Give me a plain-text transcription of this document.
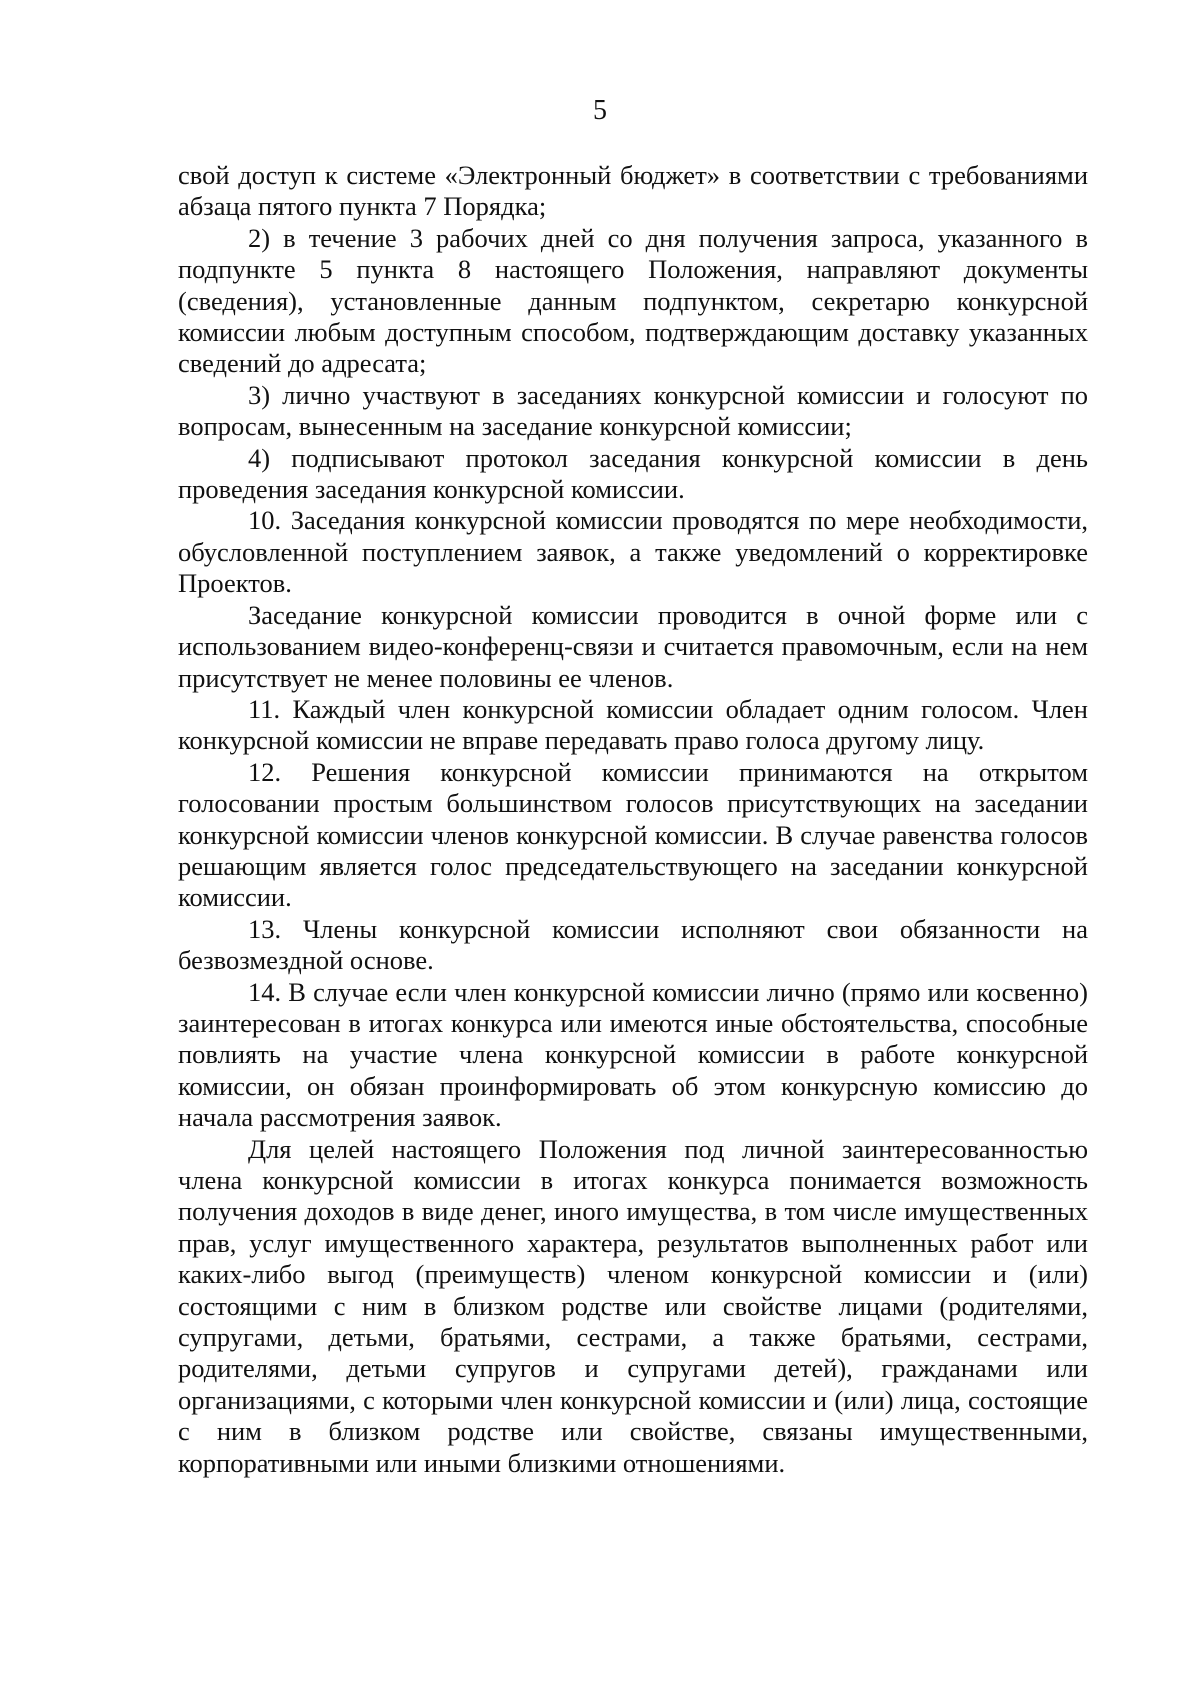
5

свой доступ к системе «Электронный бюджет» в соответствии с требованиями абзаца пятого пункта 7 Порядка;

2) в течение 3 рабочих дней со дня получения запроса, указанного в подпункте 5 пункта 8 настоящего Положения, направляют документы (сведения), установленные данным подпунктом, секретарю конкурсной комиссии любым доступным способом, подтверждающим доставку указанных сведений до адресата;

3) лично участвуют в заседаниях конкурсной комиссии и голосуют по вопросам, вынесенным на заседание конкурсной комиссии;

4) подписывают протокол заседания конкурсной комиссии в день проведения заседания конкурсной комиссии.

10. Заседания конкурсной комиссии проводятся по мере необходимости, обусловленной поступлением заявок, а также уведомлений о корректировке Проектов.

Заседание конкурсной комиссии проводится в очной форме или с использованием видео-конференц-связи и считается правомочным, если на нем присутствует не менее половины ее членов.

11. Каждый член конкурсной комиссии обладает одним голосом. Член конкурсной комиссии не вправе передавать право голоса другому лицу.

12. Решения конкурсной комиссии принимаются на открытом голосовании простым большинством голосов присутствующих на заседании конкурсной комиссии членов конкурсной комиссии. В случае равенства голосов решающим является голос председательствующего на заседании конкурсной комиссии.

13. Члены конкурсной комиссии исполняют свои обязанности на безвозмездной основе.

14. В случае если член конкурсной комиссии лично (прямо или косвенно) заинтересован в итогах конкурса или имеются иные обстоятельства, способные повлиять на участие члена конкурсной комиссии в работе конкурсной комиссии, он обязан проинформировать об этом конкурсную комиссию до начала рассмотрения заявок.

Для целей настоящего Положения под личной заинтересованностью члена конкурсной комиссии в итогах конкурса понимается возможность получения доходов в виде денег, иного имущества, в том числе имущественных прав, услуг имущественного характера, результатов выполненных работ или каких-либо выгод (преимуществ) членом конкурсной комиссии и (или) состоящими с ним в близком родстве или свойстве лицами (родителями, супругами, детьми, братьями, сестрами, а также братьями, сестрами, родителями, детьми супругов и супругами детей), гражданами или организациями, с которыми член конкурсной комиссии и (или) лица, состоящие с ним в близком родстве или свойстве, связаны имущественными, корпоративными или иными близкими отношениями.
